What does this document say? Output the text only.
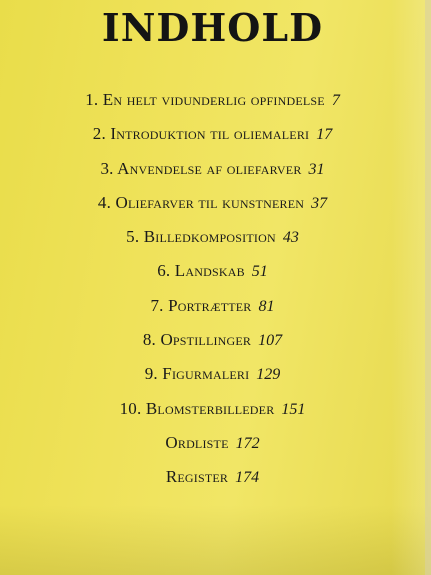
INDHOLD
1. En helt vidunderlig opfindelse 7
2. Introduktion til oliemaleri 17
3. Anvendelse af oliefarver 31
4. Oliefarver til kunstneren 37
5. Billedkomposition 43
6. Landskab 51
7. Portrætter 81
8. Opstillinger 107
9. Figurmaleri 129
10. Blomsterbilleder 151
Ordliste 172
Register 174
